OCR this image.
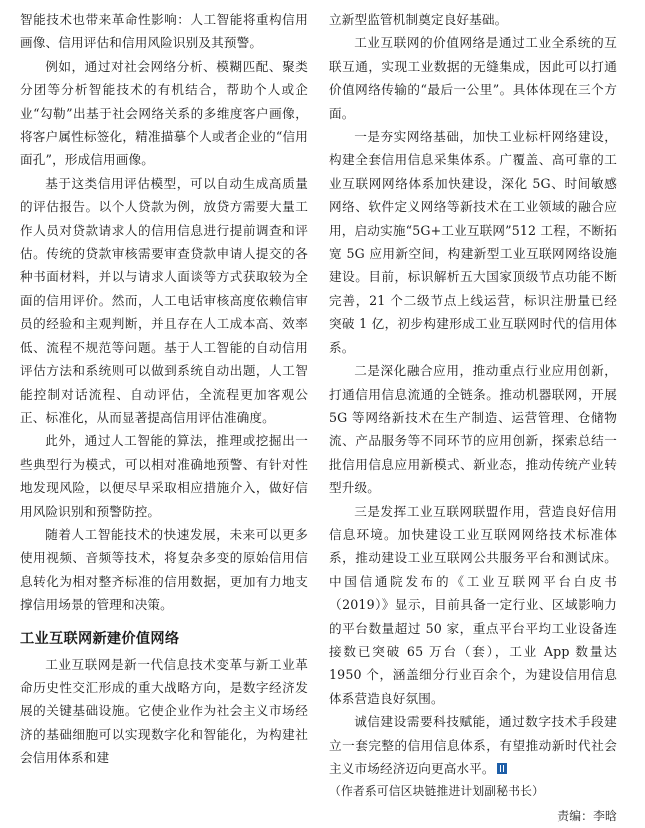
智能技术也带来革命性影响：人工智能将重构信用画像、信用评估和信用风险识别及其预警。

例如，通过对社会网络分析、模糊匹配、聚类分团等分析智能技术的有机结合，帮助个人或企业“勾勒”出基于社会网络关系的多维度客户画像，将客户属性标签化，精准描摹个人或者企业的“信用面孔”，形成信用画像。

基于这类信用评估模型，可以自动生成高质量的评估报告。以个人贷款为例，放贷方需要大量工作人员对贷款请求人的信用信息进行提前调查和评估。传统的贷款审核需要审查贷款申请人提交的各种书面材料，并以与请求人面谈等方式获取较为全面的信用评价。然而，人工电话审核高度依赖信审员的经验和主观判断，并且存在人工成本高、效率低、流程不规范等问题。基于人工智能的自动信用评估方法和系统则可以做到系统自动出题，人工智能控制对话流程、自动评估，全流程更加客观公正、标准化，从而显著提高信用评估准确度。

此外，通过人工智能的算法，推理或挖掘出一些典型行为模式，可以相对准确地预警、有针对性地发现风险，以便尽早采取相应措施介入，做好信用风险识别和预警防控。

随着人工智能技术的快速发展，未来可以更多使用视频、音频等技术，将复杂多变的原始信用信息转化为相对整齐标准的信用数据，更加有力地支撑信用场景的管理和决策。

工业互联网新建价值网络

工业互联网是新一代信息技术变革与新工业革命历史性交汇形成的重大战略方向，是数字经济发展的关键基础设施。它使企业作为社会主义市场经济的基础细胞可以实现数字化和智能化，为构建社会信用体系和建

立新型监管机制奠定良好基础。

工业互联网的价值网络是通过工业全系统的互联互通，实现工业数据的无缝集成，因此可以打通价值网络传输的“最后一公里”。具体体现在三个方面。

一是夯实网络基础，加快工业标杆网络建设，构建全套信用信息采集体系。广覆盖、高可靠的工业互联网网络体系加快建设，深化 5G、时间敏感网络、软件定义网络等新技术在工业领域的融合应用，启动实施“5G+工业互联网”512 工程，不断拓宽 5G 应用新空间，构建新型工业互联网网络设施建设。目前，标识解析五大国家顶级节点功能不断完善，21 个二级节点上线运营，标识注册量已经突破 1 亿，初步构建形成工业互联网时代的信用体系。

二是深化融合应用，推动重点行业应用创新，打通信用信息流通的全链条。推动机器联网，开展 5G 等网络新技术在生产制造、运营管理、仓储物流、产品服务等不同环节的应用创新，探索总结一批信用信息应用新模式、新业态，推动传统产业转型升级。

三是发挥工业互联网联盟作用，营造良好信用信息环境。加快建设工业互联网网络技术标准体系，推动建设工业互联网公共服务平台和测试床。中国信通院发布的《工业互联网平台白皮书（2019）》显示，目前具备一定行业、区域影响力的平台数量超过 50 家，重点平台平均工业设备连接数已突破 65 万台（套），工业 App 数量达 1950 个，涵盖细分行业百余个，为建设信用信息体系营造良好氛围。

诚信建设需要科技赋能，通过数字技术手段建立一套完整的信用信息体系，有望推动新时代社会主义市场经济迈向更高水平。

（作者系可信区块链推进计划副秘书长）

责编：李晗
